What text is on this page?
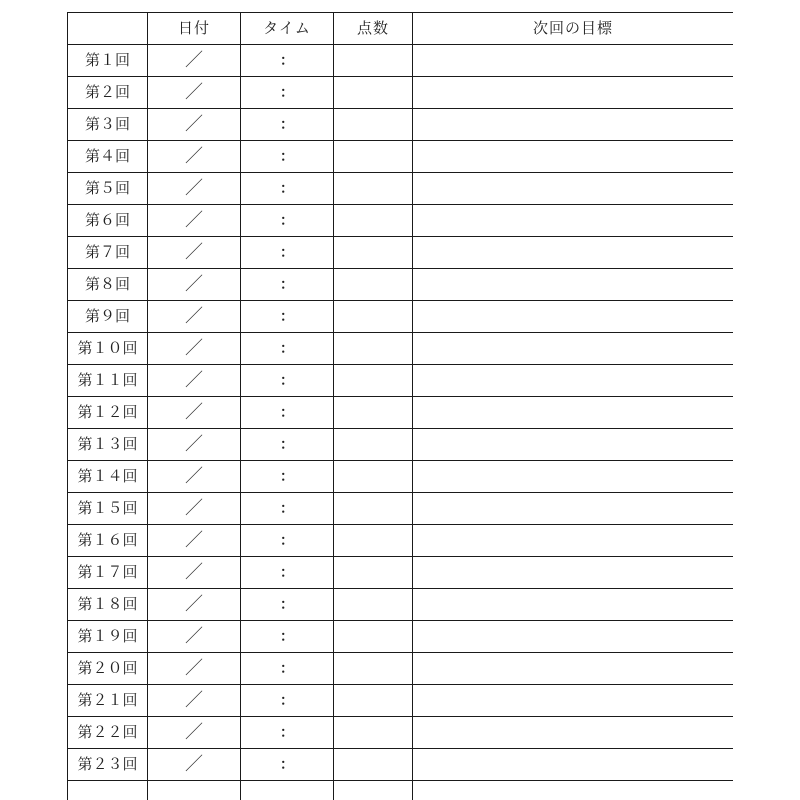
	日付	タイム	点数	次回の目標
第１回	／	：		
第２回	／	：		
第３回	／	：		
第４回	／	：		
第５回	／	：		
第６回	／	：		
第７回	／	：		
第８回	／	：		
第９回	／	：		
第１０回	／	：		
第１１回	／	：		
第１２回	／	：		
第１３回	／	：		
第１４回	／	：		
第１５回	／	：		
第１６回	／	：		
第１７回	／	：		
第１８回	／	：		
第１９回	／	：		
第２０回	／	：		
第２１回	／	：		
第２２回	／	：		
第２３回	／	：		
